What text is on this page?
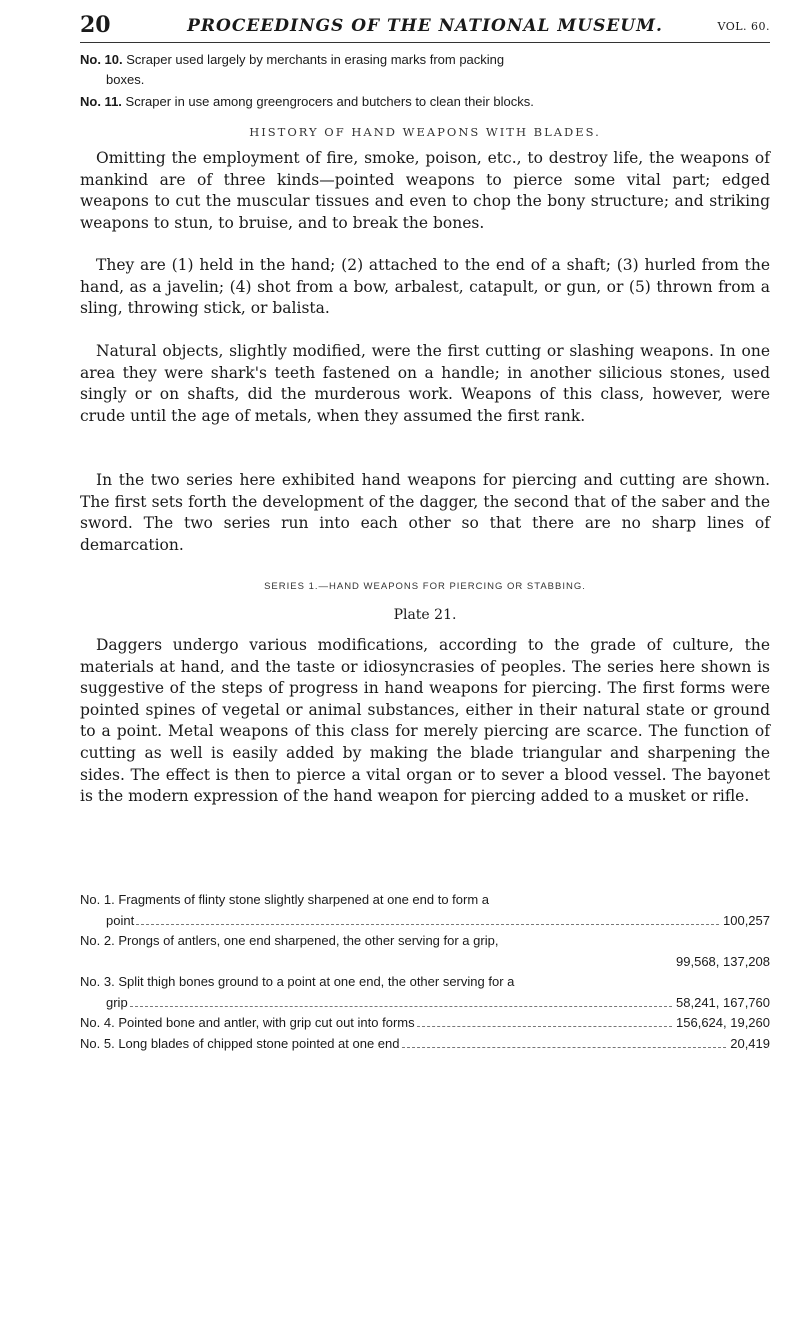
20	PROCEEDINGS OF THE NATIONAL MUSEUM.	VOL. 60.
No. 10. Scraper used largely by merchants in erasing marks from packing
boxes.
No. 11. Scraper in use among greengrocers and butchers to clean their blocks.
HISTORY OF HAND WEAPONS WITH BLADES.

Omitting the employment of fire, smoke, poison, etc., to destroy life, the weapons of mankind are of three kinds—pointed weapons to pierce some vital part; edged weapons to cut the muscular tissues and even to chop the bony structure; and striking weapons to stun, to bruise, and to break the bones.

They are (1) held in the hand; (2) attached to the end of a shaft; (3) hurled from the hand, as a javelin; (4) shot from a bow, arbalest, catapult, or gun, or (5) thrown from a sling, throwing stick, or balista.

Natural objects, slightly modified, were the first cutting or slashing weapons. In one area they were shark's teeth fastened on a handle; in another silicious stones, used singly or on shafts, did the murderous work. Weapons of this class, however, were crude until the age of metals, when they assumed the first rank.

In the two series here exhibited hand weapons for piercing and cutting are shown. The first sets forth the development of the dagger, the second that of the saber and the sword. The two series run into each other so that there are no sharp lines of demarcation.

SERIES 1.—HAND WEAPONS FOR PIERCING OR STABBING.
Plate 21.

Daggers undergo various modifications, according to the grade of culture, the materials at hand, and the taste or idiosyncrasies of peoples. The series here shown is suggestive of the steps of progress in hand weapons for piercing. The first forms were pointed spines of vegetal or animal substances, either in their natural state or ground to a point. Metal weapons of this class for merely piercing are scarce. The function of cutting as well is easily added by making the blade triangular and sharpening the sides. The effect is then to pierce a vital organ or to sever a blood vessel. The bayonet is the modern expression of the hand weapon for piercing added to a musket or rifle.

No. 1. Fragments of flinty stone slightly sharpened at one end to form a
point	100,257
No. 2. Prongs of antlers, one end sharpened, the other serving for a grip,
99,568, 137,208
No. 3. Split thigh bones ground to a point at one end, the other serving for a
grip	58,241, 167,760
No. 4.
Pointed bone and antler, with grip cut out into forms	156,624, 19,260
No. 5.
Long blades of chipped stone pointed at one end	20,419
